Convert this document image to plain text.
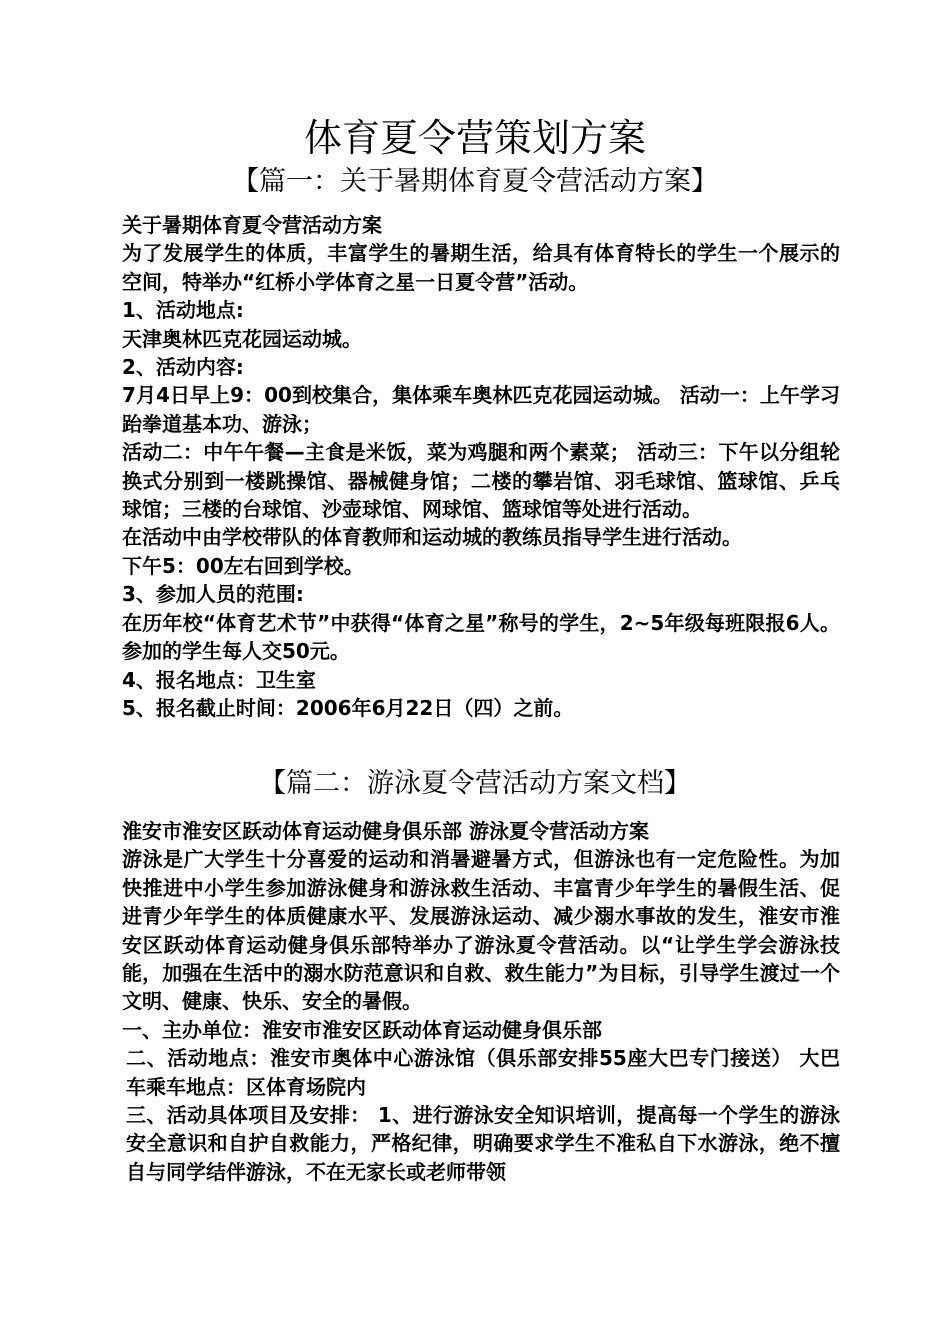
体育夏令营策划方案
【篇一：关于暑期体育夏令营活动方案】

关于暑期体育夏令营活动方案

为了发展学生的体质，丰富学生的暑期生活，给具有体育特长的学生一个展示的空间，特举办“红桥小学体育之星一日夏令营”活动。

1、活动地点:

天津奥林匹克花园运动城。

2、活动内容:

7月4日早上9：00到校集合，集体乘车奥林匹克花园运动城。 活动一：上午学习跆拳道基本功、游泳；

活动二：中午午餐—主食是米饭，菜为鸡腿和两个素菜； 活动三：下午以分组轮换式分别到一楼跳操馆、器械健身馆；二楼的攀岩馆、羽毛球馆、篮球馆、乒乓球馆；三楼的台球馆、沙壶球馆、网球馆、篮球馆等处进行活动。

在活动中由学校带队的体育教师和运动城的教练员指导学生进行活动。

下午5：00左右回到学校。

3、参加人员的范围:

在历年校“体育艺术节”中获得“体育之星”称号的学生，2~5年级每班限报6人。参加的学生每人交50元。

4、报名地点：卫生室

5、报名截止时间：2006年6月22日（四）之前。

【篇二：游泳夏令营活动方案文档】

淮安市淮安区跃动体育运动健身俱乐部 游泳夏令营活动方案

游泳是广大学生十分喜爱的运动和消暑避暑方式，但游泳也有一定危险性。为加快推进中小学生参加游泳健身和游泳救生活动、丰富青少年学生的暑假生活、促进青少年学生的体质健康水平、发展游泳运动、减少溺水事故的发生，淮安市淮安区跃动体育运动健身俱乐部特举办了游泳夏令营活动。以“让学生学会游泳技能，加强在生活中的溺水防范意识和自救、救生能力”为目标，引导学生渡过一个文明、健康、快乐、安全的暑假。

一、主办单位：淮安市淮安区跃动体育运动健身俱乐部

二、活动地点：淮安市奥体中心游泳馆（俱乐部安排55座大巴专门接送） 大巴车乘车地点：区体育场院内

三、活动具体项目及安排： 1、进行游泳安全知识培训，提高每一个学生的游泳安全意识和自护自救能力，严格纪律，明确要求学生不准私自下水游泳，绝不擅自与同学结伴游泳，不在无家长或老师带领
